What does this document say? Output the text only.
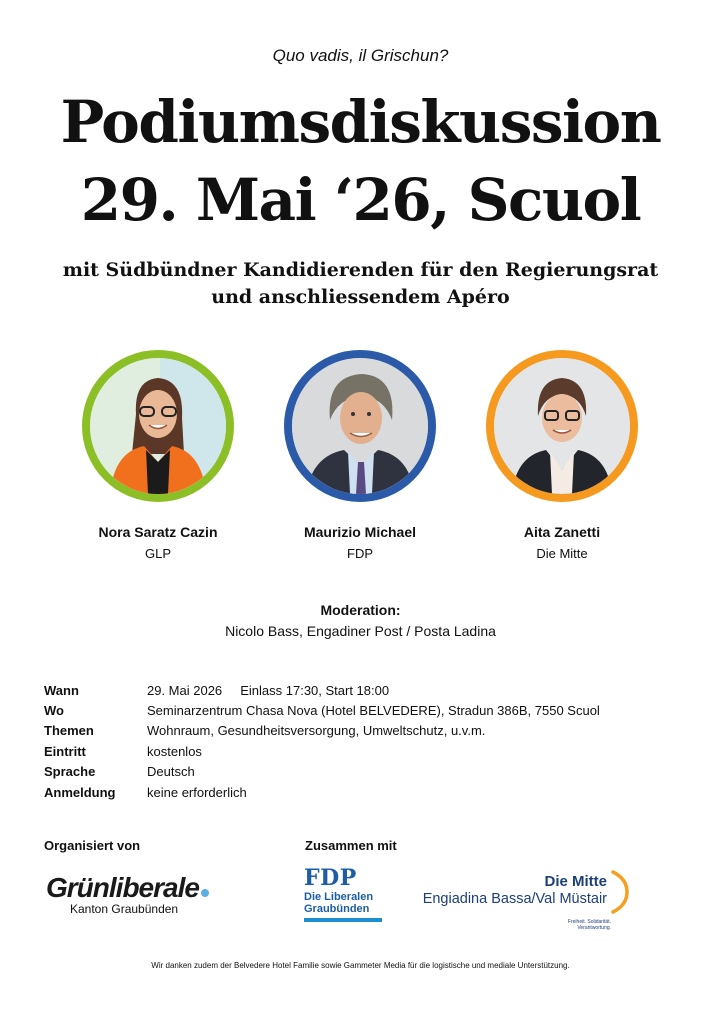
Quo vadis, il Grischun?
Podiumsdiskussion
29. Mai ‘26, Scuol
mit Südbündner Kandidierenden für den Regierungsrat
und anschliessendem Apéro
Nora Saratz Cazin
GLP
Maurizio Michael
FDP
Aita Zanetti
Die Mitte
Moderation:
Nicolo Bass, Engadiner Post / Posta Ladina
Wann	29. Mai 2026     Einlass 17:30, Start 18:00
Wo	Seminarzentrum Chasa Nova (Hotel BELVEDERE), Stradun 386B, 7550 Scuol
Themen	Wohnraum, Gesundheitsversorgung, Umweltschutz, u.v.m.
Eintritt	kostenlos
Sprache	Deutsch
Anmeldung	keine erforderlich
Organisiert von	Zusammen mit
Grünliberale
Kanton Graubünden
FDP
Die Liberalen
Graubünden
Die Mitte
Engiadina Bassa/Val Müstair
Freiheit. Solidarität. Verantwortung.
Wir danken zudem der Belvedere Hotel Familie sowie Gammeter Media für die logistische und mediale Unterstützung.
